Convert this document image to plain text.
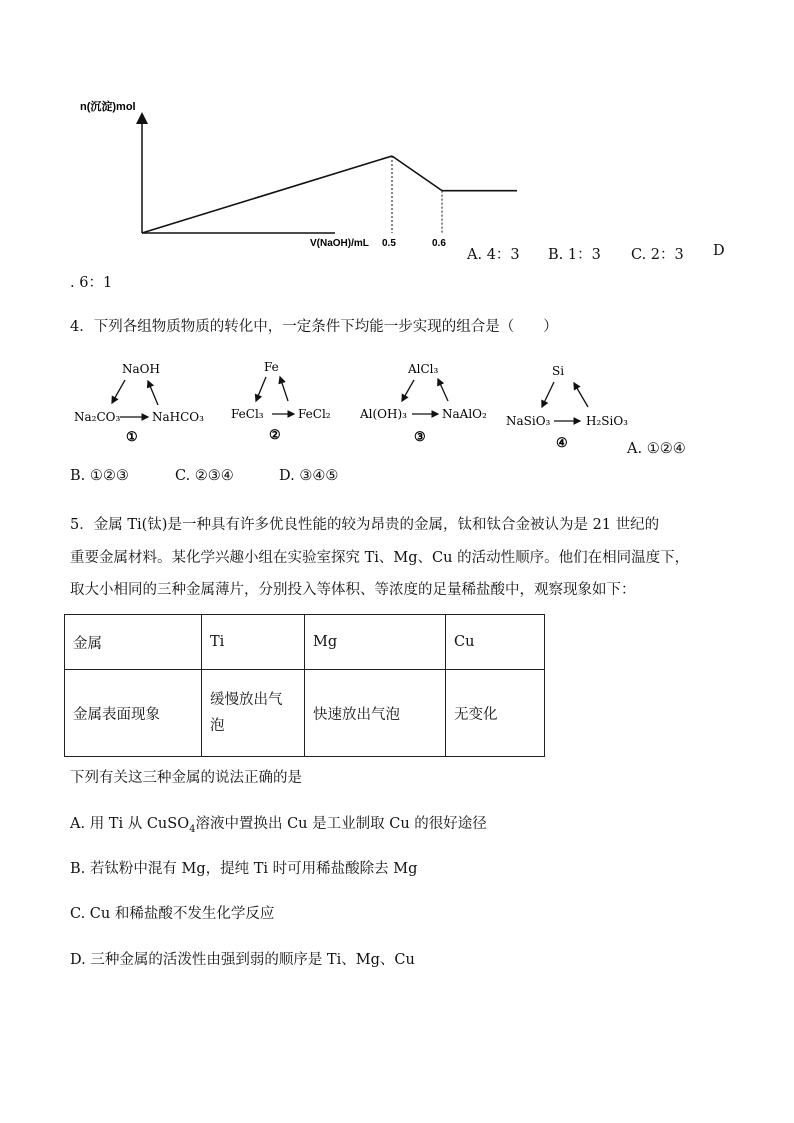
n(沉淀)mol
V(NaOH)/mL 0.5	0.6
A. 4：3 B. 1：3 C. 2：3 D
. 6：1
4．下列各组物质物质的转化中，一定条件下均能一步实现的组合是（　　）
NaOH
Na₂CO₃	NaHCO₃
①
Fe
FeCl₃	FeCl₂
②
AlCl₃
Al(OH)₃	NaAlO₂
③
Si
NaSiO₃	H₂SiO₃
④	A. ①②④
B. ①②③	C. ②③④	D. ③④⑤
5．金属 Ti(钛)是一种具有许多优良性能的较为昂贵的金属，钛和钛合金被认为是 21 世纪的
重要金属材料。某化学兴趣小组在实验室探究 Ti、Mg、Cu 的活动性顺序。他们在相同温度下，
取大小相同的三种金属薄片，分别投入等体积、等浓度的足量稀盐酸中，观察现象如下：
金属	Ti	Mg	Cu
金属表面现象	缓慢放出气泡	快速放出气泡	无变化
下列有关这三种金属的说法正确的是
A. 用 Ti 从 CuSO$_4$溶液中置换出 Cu 是工业制取 Cu 的很好途径
B. 若钛粉中混有 Mg，提纯 Ti 时可用稀盐酸除去 Mg
C. Cu 和稀盐酸不发生化学反应
D. 三种金属的活泼性由强到弱的顺序是 Ti、Mg、Cu
